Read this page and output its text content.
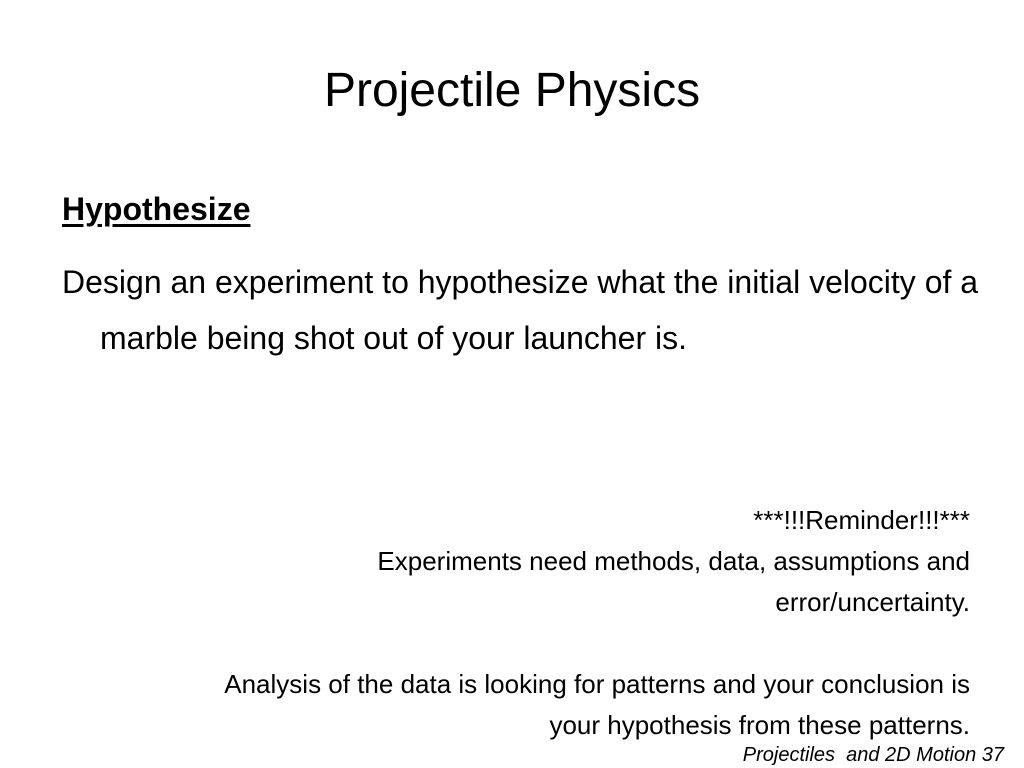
Projectile Physics
Hypothesize

Design an experiment to hypothesize what the initial velocity of a marble being shot out of your launcher is.

***!!!Reminder!!!***

Experiments need methods, data, assumptions and error/uncertainty.

Analysis of the data is looking for patterns and your conclusion is your hypothesis from these patterns.

Projectiles  and 2D Motion 37
